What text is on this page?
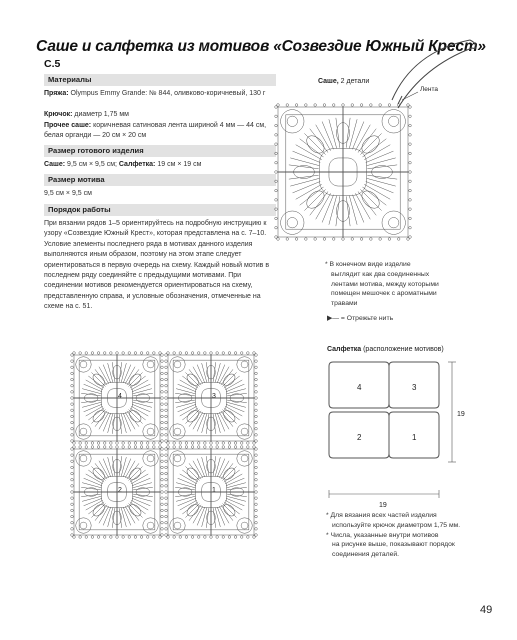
Саше и салфетка из мотивов «Созвездие Южный Крест»
С.5
Материалы
Пряжа: Olympus Emmy Grande: № 844, оливково-коричневый, 130 г
Крючок: диаметр 1,75 мм
Прочее саше: коричневая сатиновая лента шириной 4 мм — 44 см, белая органди — 20 см × 20 см
Размер готового изделия
Саше: 9,5 см × 9,5 см; Салфетка: 19 см × 19 см
Размер мотива
9,5 см × 9,5 см
Порядок работы
При вязании рядов 1–5 ориентируйтесь на подробную инструкцию к узору «Созвездие Южный Крест», которая представлена на с. 7–10. Условие элементы последнего ряда в мотивах данного изделия выполняются иным образом, поэтому на этом этапе следует ориентироваться в первую очередь на схему. Каждый новый мотив в последнем ряду соединяйте с предыдущими мотивами. При соединении мотивов рекомендуется ориентироваться на схему, представленную справа, и условные обозначения, отмеченные на схеме на с. 51.
Саше, 2 детали
Лента
* В конечном виде изделие
выглядит как два соединенных
лентами мотива, между которыми
помещен мешочек с ароматными
травами
▶— = Отрежьте нить
Салфетка (расположение мотивов)
* Для вязания всех частей изделия
используйте крючок диаметром 1,75 мм.
* Числа, указанные внутри мотивов
на рисунке выше, показывают порядок
соединения деталей.
4	3
2	1
19
19
4	3
2	1
49
